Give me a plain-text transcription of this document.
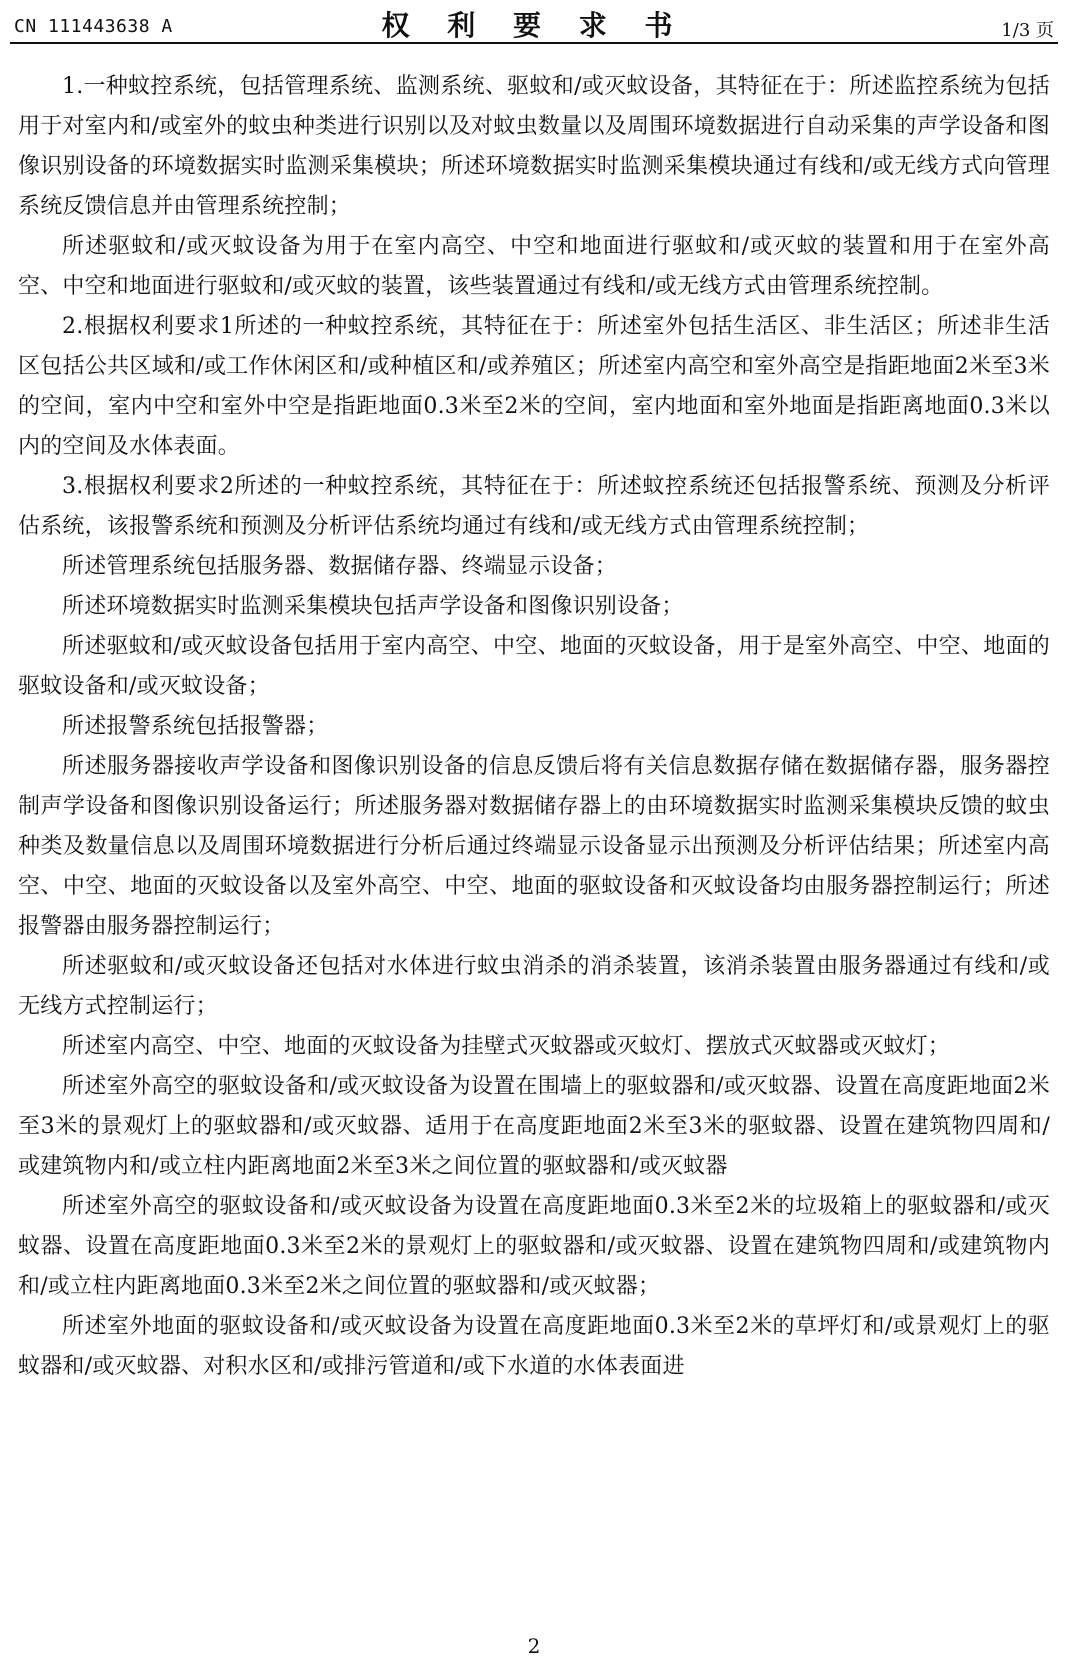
CN 111443638 A	权 利 要 求 书	1/3 页

1.一种蚊控系统，包括管理系统、监测系统、驱蚊和/或灭蚊设备，其特征在于：所述监控系统为包括用于对室内和/或室外的蚊虫种类进行识别以及对蚊虫数量以及周围环境数据进行自动采集的声学设备和图像识别设备的环境数据实时监测采集模块；所述环境数据实时监测采集模块通过有线和/或无线方式向管理系统反馈信息并由管理系统控制；

所述驱蚊和/或灭蚊设备为用于在室内高空、中空和地面进行驱蚊和/或灭蚊的装置和用于在室外高空、中空和地面进行驱蚊和/或灭蚊的装置，该些装置通过有线和/或无线方式由管理系统控制。

2.根据权利要求1所述的一种蚊控系统，其特征在于：所述室外包括生活区、非生活区；所述非生活区包括公共区域和/或工作休闲区和/或种植区和/或养殖区；所述室内高空和室外高空是指距地面2米至3米的空间，室内中空和室外中空是指距地面0.3米至2米的空间，室内地面和室外地面是指距离地面0.3米以内的空间及水体表面。

3.根据权利要求2所述的一种蚊控系统，其特征在于：所述蚊控系统还包括报警系统、预测及分析评估系统，该报警系统和预测及分析评估系统均通过有线和/或无线方式由管理系统控制；

所述管理系统包括服务器、数据储存器、终端显示设备；

所述环境数据实时监测采集模块包括声学设备和图像识别设备；

所述驱蚊和/或灭蚊设备包括用于室内高空、中空、地面的灭蚊设备，用于是室外高空、中空、地面的驱蚊设备和/或灭蚊设备；

所述报警系统包括报警器；

所述服务器接收声学设备和图像识别设备的信息反馈后将有关信息数据存储在数据储存器，服务器控制声学设备和图像识别设备运行；所述服务器对数据储存器上的由环境数据实时监测采集模块反馈的蚊虫种类及数量信息以及周围环境数据进行分析后通过终端显示设备显示出预测及分析评估结果；所述室内高空、中空、地面的灭蚊设备以及室外高空、中空、地面的驱蚊设备和灭蚊设备均由服务器控制运行；所述报警器由服务器控制运行；

所述驱蚊和/或灭蚊设备还包括对水体进行蚊虫消杀的消杀装置，该消杀装置由服务器通过有线和/或无线方式控制运行；

所述室内高空、中空、地面的灭蚊设备为挂壁式灭蚊器或灭蚊灯、摆放式灭蚊器或灭蚊灯；

所述室外高空的驱蚊设备和/或灭蚊设备为设置在围墙上的驱蚊器和/或灭蚊器、设置在高度距地面2米至3米的景观灯上的驱蚊器和/或灭蚊器、适用于在高度距地面2米至3米的驱蚊器、设置在建筑物四周和/或建筑物内和/或立柱内距离地面2米至3米之间位置的驱蚊器和/或灭蚊器

所述室外高空的驱蚊设备和/或灭蚊设备为设置在高度距地面0.3米至2米的垃圾箱上的驱蚊器和/或灭蚊器、设置在高度距地面0.3米至2米的景观灯上的驱蚊器和/或灭蚊器、设置在建筑物四周和/或建筑物内和/或立柱内距离地面0.3米至2米之间位置的驱蚊器和/或灭蚊器；

所述室外地面的驱蚊设备和/或灭蚊设备为设置在高度距地面0.3米至2米的草坪灯和/或景观灯上的驱蚊器和/或灭蚊器、对积水区和/或排污管道和/或下水道的水体表面进

2
